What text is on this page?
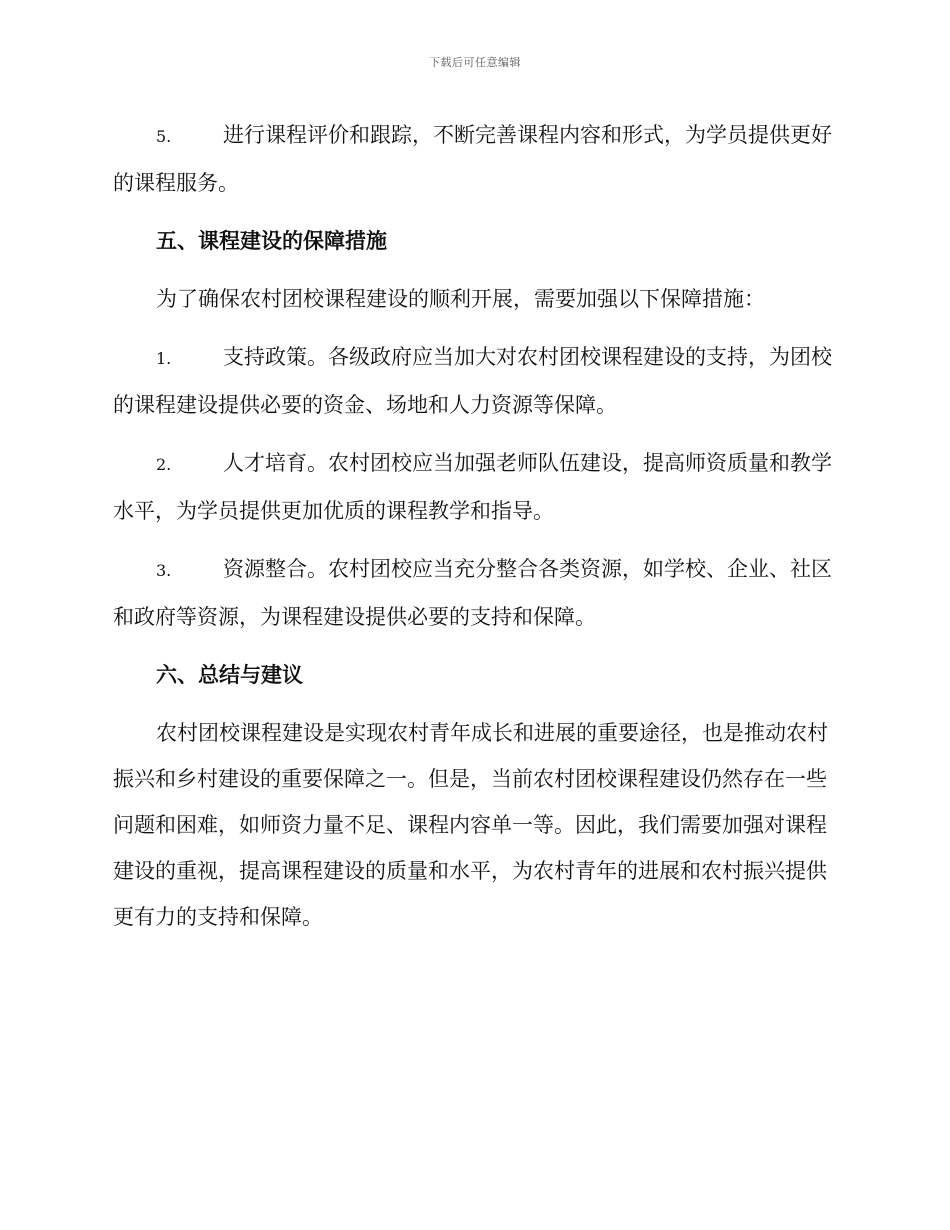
下载后可任意编辑

5. 进行课程评价和跟踪，不断完善课程内容和形式，为学员提供更好的课程服务。

五、课程建设的保障措施

为了确保农村团校课程建设的顺利开展，需要加强以下保障措施：

1. 支持政策。各级政府应当加大对农村团校课程建设的支持，为团校的课程建设提供必要的资金、场地和人力资源等保障。

2. 人才培育。农村团校应当加强老师队伍建设，提高师资质量和教学水平，为学员提供更加优质的课程教学和指导。

3. 资源整合。农村团校应当充分整合各类资源，如学校、企业、社区和政府等资源，为课程建设提供必要的支持和保障。

六、总结与建议

农村团校课程建设是实现农村青年成长和进展的重要途径，也是推动农村振兴和乡村建设的重要保障之一。但是，当前农村团校课程建设仍然存在一些问题和困难，如师资力量不足、课程内容单一等。因此，我们需要加强对课程建设的重视，提高课程建设的质量和水平，为农村青年的进展和农村振兴提供更有力的支持和保障。
